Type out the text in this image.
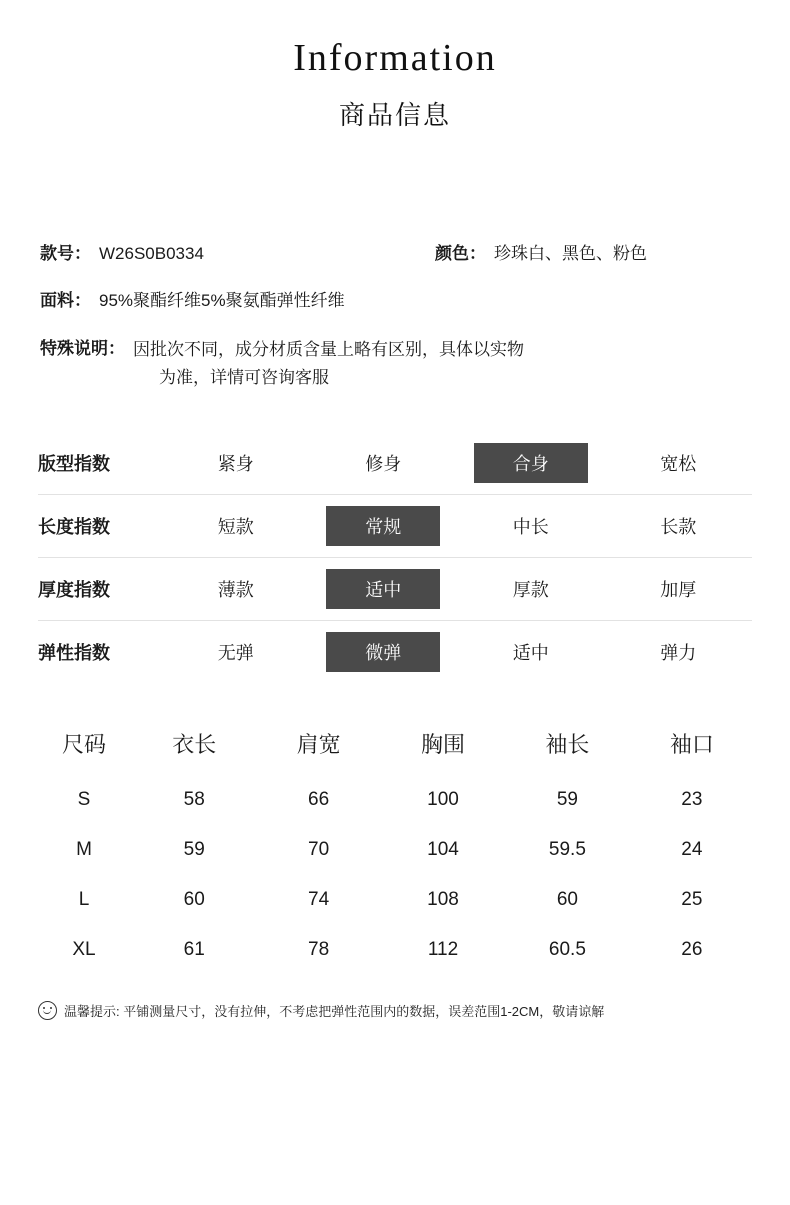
Information
商品信息
款号： W26S0B0334	颜色： 珍珠白、黑色、粉色
面料： 95%聚酯纤维5%聚氨酯弹性纤维
特殊说明： 因批次不同，成分材质含量上略有区别，具体以实物
为准，详情可咨询客服
版型指数	紧身	修身	合身	宽松
长度指数	短款	常规	中长	长款
厚度指数	薄款	适中	厚款	加厚
弹性指数	无弹	微弹	适中	弹力
尺码	衣长	肩宽	胸围	袖长	袖口
S	58	66	100	59	23
M	59	70	104	59.5	24
L	60	74	108	60	25
XL	61	78	112	60.5	26
温馨提示: 平铺测量尺寸，没有拉伸，不考虑把弹性范围内的数据，误差范围1-2CM，敬请谅解
